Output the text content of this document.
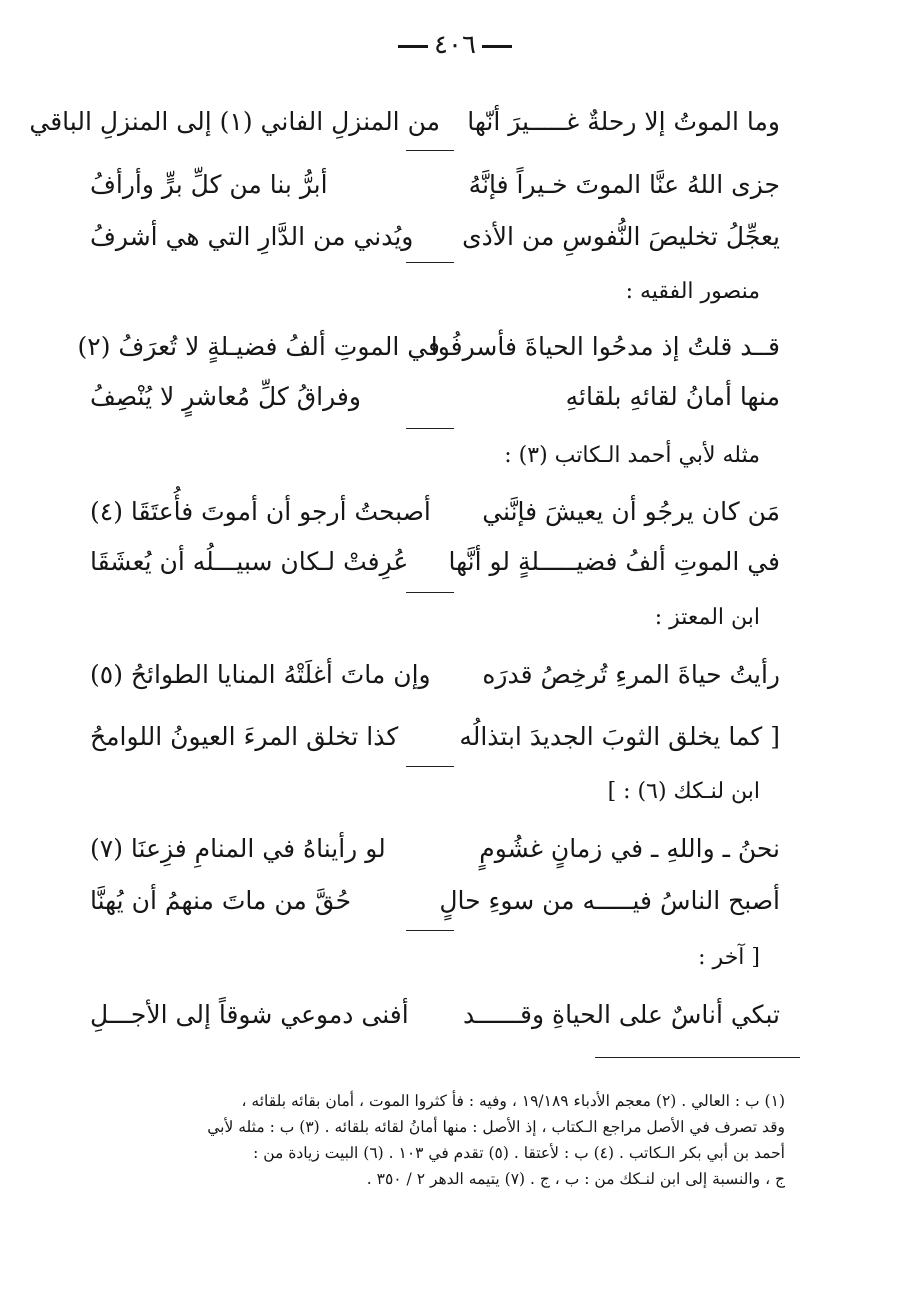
٤٠٦
وما الموتُ إلا رحلةٌ غـــــيرَ أنّها
من المنزلِ الفاني (١) إلى المنزلِ الباقي
جزى اللهُ عنَّا الموتَ خـيراً فإنَّهُ
أبرُّ بنا من كلِّ برٍّ وأرأفُ
يعجِّلُ تخليصَ النُّفوسِ من الأذى
ويُدني من الدَّارِ التي هي أشرفُ
منصور الفقيه :
قــد قلتُ إذ مدحُوا الحياةَ فأسرفُوا
في الموتِ ألفُ فضيـلةٍ لا تُعرَفُ (٢)
منها أمانُ لقائهِ بلقائهِ
وفراقُ كلِّ مُعاشرٍ لا يُنْصِفُ
مثله لأبي أحمد الـكاتب (٣) :
مَن كان يرجُو أن يعيشَ فإنَّني
أصبحتُ أرجو أن أموتَ فأُعتَقَا (٤)
في الموتِ ألفُ فضيـــــلةٍ لو أنَّها
عُرِفتْ لـكان سبيـــلُه أن يُعشَقَا
ابن المعتز :
رأيتُ حياةَ المرءِ تُرخِصُ قدرَه
وإن ماتَ أغلَتْهُ المنايا الطوائحُ (٥)
[ كما يخلق الثوبَ الجديدَ ابتذالُه
كذا تخلق المرءَ العيونُ اللوامحُ
ابن لنـكك (٦) : ]
نحنُ ـ واللهِ ـ في زمانٍ غشُومٍ
لو رأيناهُ في المنامِ فزِعنَا (٧)
أصبح الناسُ فيـــــه من سوءِ حالٍ
حُقَّ من ماتَ منهمُ أن يُهنَّا
[ آخر :
تبكي أناسٌ على الحياةِ وقــــــد
أفنى دموعي شوقاً إلى الأجـــلِ

(١) ب : العالي . (٢) معجم الأدباء ١٩/١٨٩ ، وفيه : فأ كثروا الموت ، أمان بقائه بلقائه ،

وقد تصرف في الأصل مراجع الـكتاب ، إذ الأصل : منها أمانُ لقائه بلقائه . (٣) ب : مثله لأبي

أحمد بن أبي بكر الـكاتب . (٤) ب : لأعتقا . (٥) تقدم في ١٠٣ . (٦) البيت زيادة من :

ج ، والنسبة إلى ابن لنـكك من : ب ، ج . (٧) يتيمه الدهر ٢ / ٣٥٠ .
